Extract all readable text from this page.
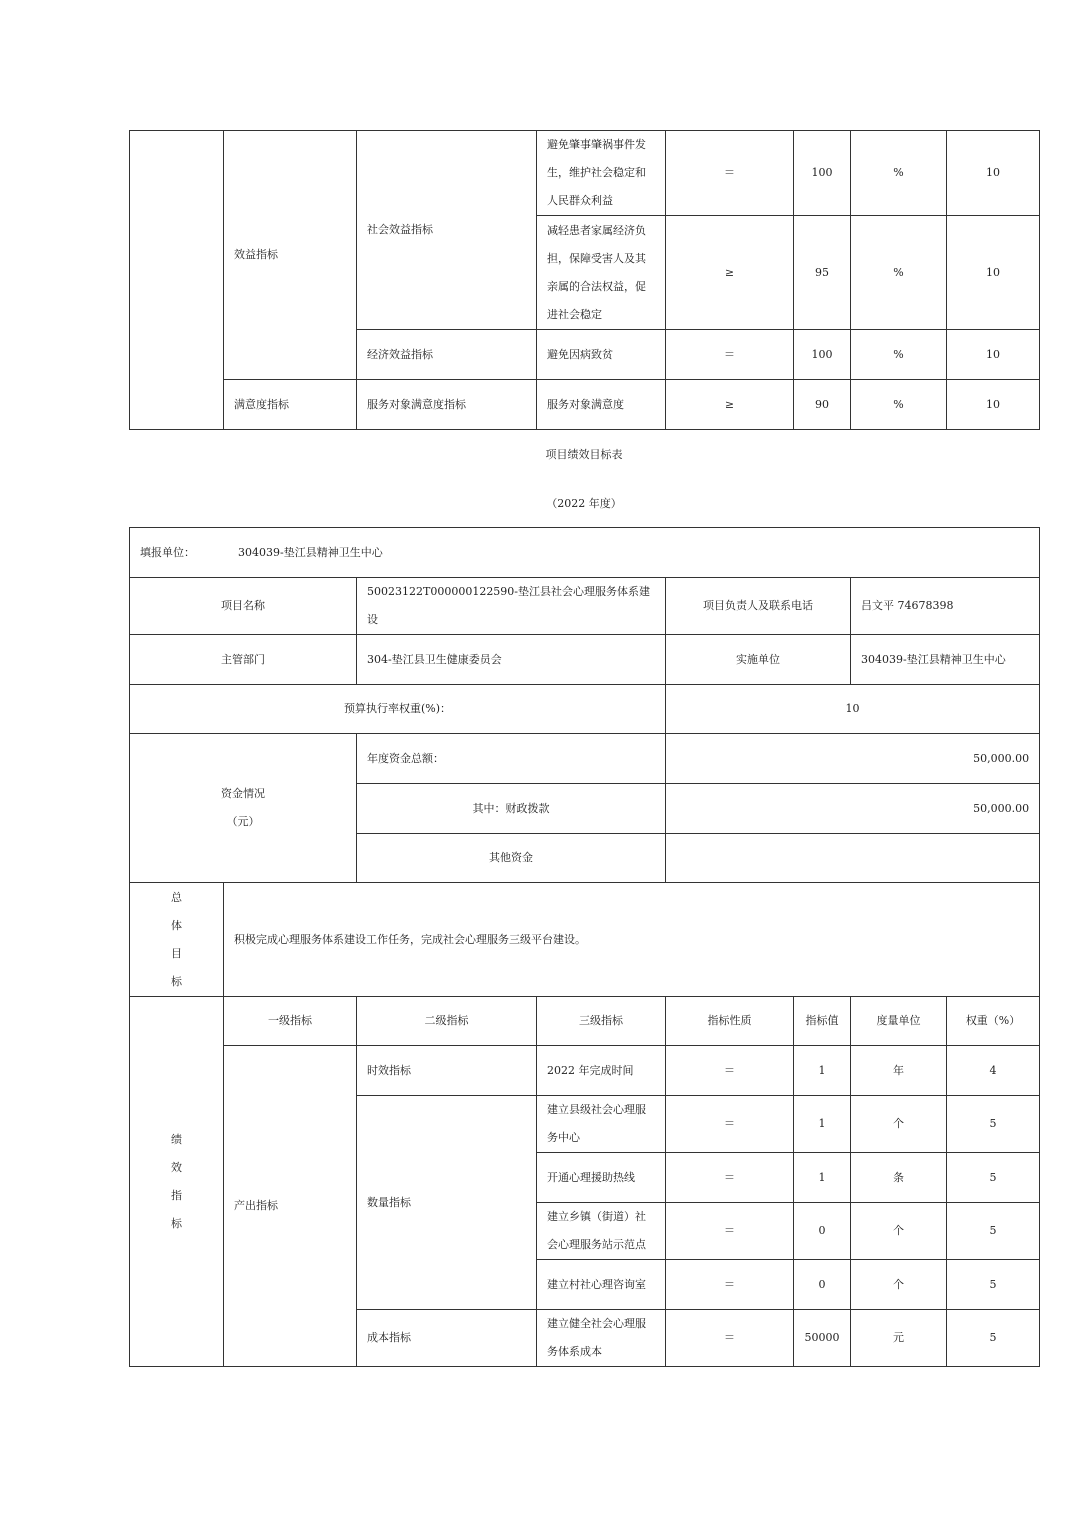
	效益指标	社会效益指标	避免肇事肇祸事件发生，维护社会稳定和人民群众利益	＝	100	%	10
			减轻患者家属经济负担，保障受害人及其亲属的合法权益，促进社会稳定	≥	95	%	10
		经济效益指标	避免因病致贫	＝	100	%	10

	满意度指标	服务对象满意度指标	服务对象满意度	≥	90	%	10
项目绩效目标表
（2022 年度）
填报单位： 304039-垫江县精神卫生中心							
项目名称		50023122T000000122590-垫江县社会心理服务体系建设		项目负责人及联系电话		吕文平 74678398	
主管部门		304-垫江县卫生健康委员会		实施单位		304039-垫江县精神卫生中心	
预算执行率权重(%)：				10			

资金情况
（元）		年度资金总额：		50,000.00			
		其中：财政拨款		50,000.00			
		其他资金					

总
体
目
标	积极完成心理服务体系建设工作任务，完成社会心理服务三级平台建设。						

绩
效
指
标	一级指标	二级指标	三级指标	指标性质	指标值	度量单位	权重（%）
	产出指标	时效指标	2022 年完成时间	＝	1	年	4
		数量指标	建立县级社会心理服务中心	＝	1	个	5
			开通心理援助热线	＝	1	条	5
			建立乡镇（街道）社会心理服务站示范点	＝	0	个	5
			建立村社心理咨询室	＝	0	个	5
		成本指标	建立健全社会心理服务体系成本	＝	50000	元	5
